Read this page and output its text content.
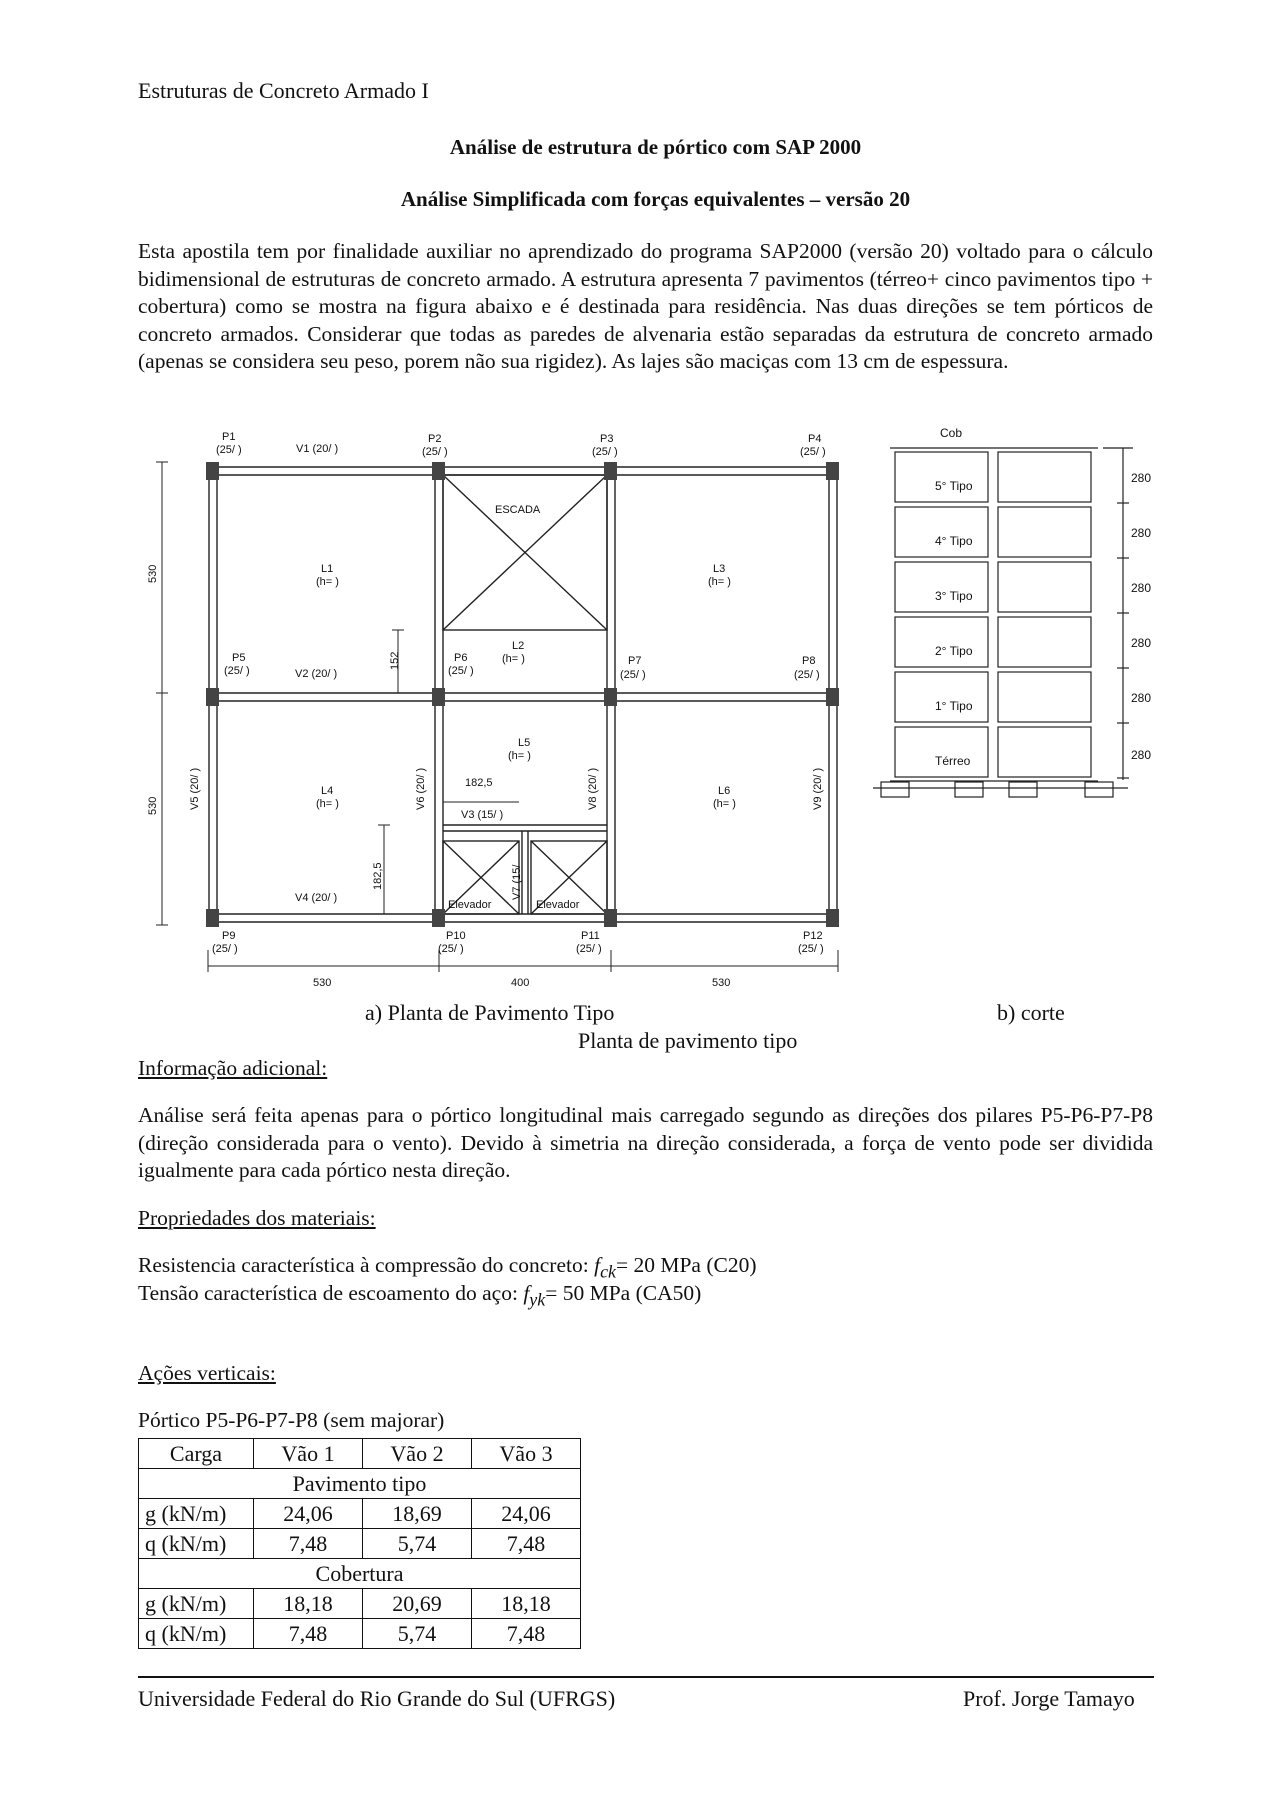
Estruturas de Concreto Armado I
Análise de estrutura de pórtico com SAP 2000
Análise Simplificada com forças equivalentes – versão 20
Esta apostila tem por finalidade auxiliar no aprendizado do programa SAP2000 (versão 20) voltado para o cálculo bidimensional de estruturas de concreto armado. A estrutura apresenta 7 pavimentos (térreo+ cinco pavimentos tipo + cobertura) como se mostra na figura abaixo e é destinada para residência. Nas duas direções se tem pórticos de concreto armados. Considerar que todas as paredes de alvenaria estão separadas da estrutura de concreto armado (apenas se considera seu peso, porem não sua rigidez). As lajes são maciças com 13 cm de espessura.
P1
(25/ )
P2
(25/ )
P3
(25/ )
P4
(25/ )
V1 (20/ )
ESCADA
L1
(h= )
L3
(h= )
L2
(h= )
P5
(25/ )	V2 (20/ )
P6
(25/ )
P7
(25/ )
P8
(25/ )
L5
(h= )
182,5
V3 (15/ )
L4
(h= )
L6
(h= )
V4 (20/ )
Elevador	Elevador
P9
(25/ )
P10
(25/ )
P11
(25/ )
P12
(25/ )
530	400	530
530
530
152
182,5
V5 (20/ )	V6 (20/ )	V8 (20/ )	V9 (20/ )
V7 (15/
Cob
5° Tipo
4° Tipo
3° Tipo
2° Tipo
1° Tipo
Térreo
280
280
280
280
280
280
a) Planta de Pavimento Tipo	b) corte
Planta de pavimento tipo
Informação adicional:
Análise será feita apenas para o pórtico longitudinal mais carregado segundo as direções dos pilares P5-P6-P7-P8 (direção considerada para o vento). Devido à simetria na direção considerada, a força de vento pode ser dividida igualmente para cada pórtico nesta direção.
Propriedades dos materiais:
Resistencia característica à compressão do concreto: $f_{ck}= 20$ MPa (C20)
Tensão característica de escoamento do aço: $f_{yk}= 50$ MPa (CA50)
Ações verticais:
Pórtico P5-P6-P7-P8 (sem majorar)
Carga	Vão 1	Vão 2	Vão 3
Pavimento tipo			
g (kN/m)	24,06	18,69	24,06
q (kN/m)	7,48	5,74	7,48
Cobertura			
g (kN/m)	18,18	20,69	18,18
q (kN/m)	7,48	5,74	7,48
Universidade Federal do Rio Grande do Sul (UFRGS)	Prof. Jorge Tamayo
